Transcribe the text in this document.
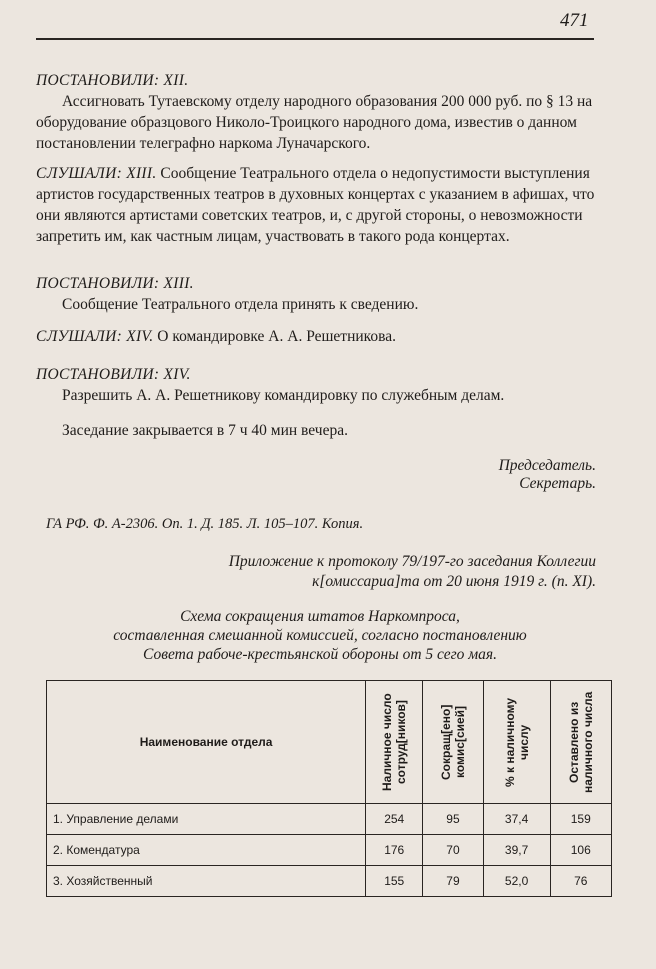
471

ПОСТАНОВИЛИ: XII.

Ассигновать Тутаевскому отделу народного образования 200 000 руб. по § 13 на оборудование образцового Николо-Троицкого народного дома, известив о данном постановлении телеграфно наркома Луначарского.

СЛУШАЛИ: XIII. Сообщение Театрального отдела о недопустимости выступления артистов государственных театров в духовных концертах с указанием в афишах, что они являются артистами советских театров, и, с другой стороны, о невозможности запретить им, как частным лицам, участвовать в такого рода концертах.

ПОСТАНОВИЛИ: XIII.

Сообщение Театрального отдела принять к сведению.

СЛУШАЛИ: XIV. О командировке А. А. Решетникова.

ПОСТАНОВИЛИ: XIV.

Разрешить А. А. Решетникову командировку по служебным делам.

Заседание закрывается в 7 ч 40 мин вечера.

Председатель.

Секретарь.

ГА РФ. Ф. А-2306. Оп. 1. Д. 185. Л. 105–107. Копия.

Приложение к протоколу 79/197-го заседания Коллегии

к[омиссариа]та от 20 июня 1919 г. (п. XI).

Схема сокращения штатов Наркомпроса,

составленная смешанной комиссией, согласно постановлению

Совета рабоче-крестьянской обороны от 5 сего мая.

Наименование отдела	Наличное число сотруд[ников]	Сокращ[ено] комис[сией]	% к наличному числу	Оставлено из наличного числа

1. Управление делами	254	95	37,4	159
2. Комендатура	176	70	39,7	106
3. Хозяйственный	155	79	52,0	76
